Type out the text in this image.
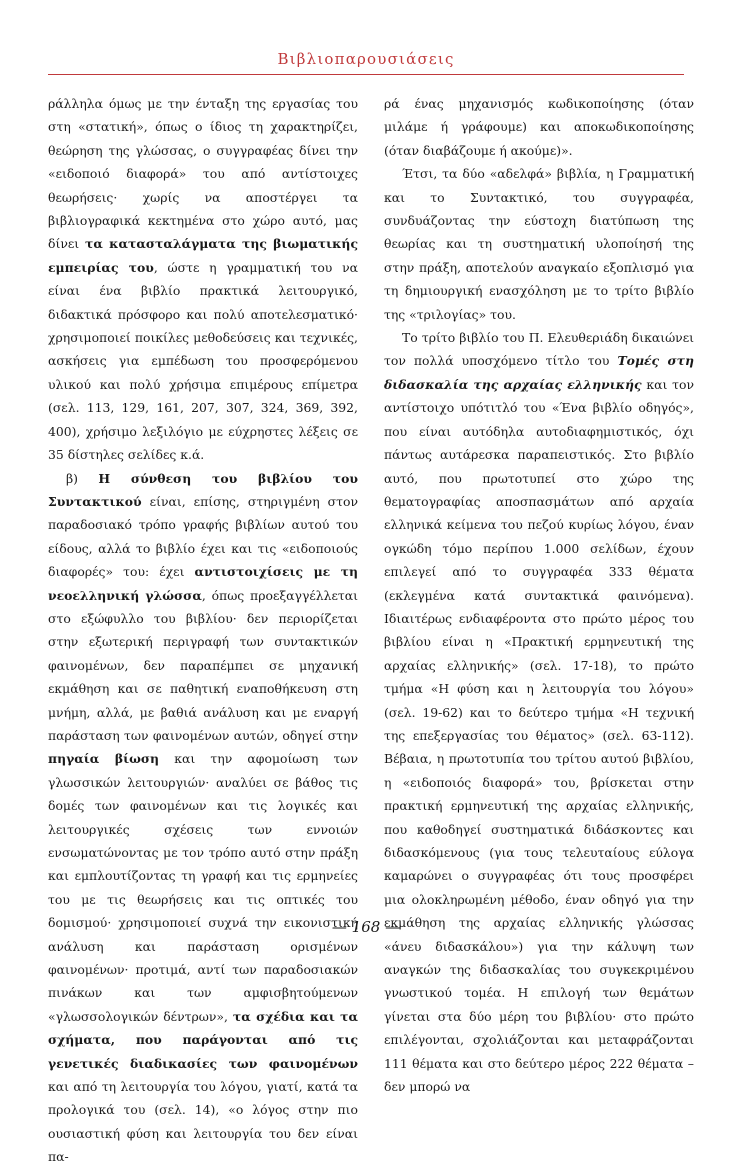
Βιβλιοπαρουσιάσεις

ράλληλα όμως με την ένταξη της εργασίας του στη «στατική», όπως ο ίδιος τη χαρακτηρίζει, θεώρηση της γλώσσας, ο συγγραφέας δίνει την «ειδοποιό διαφορά» του από αντίστοιχες θεωρήσεις· χωρίς να αποστέργει τα βιβλιογραφικά κεκτημένα στο χώρο αυτό, μας δίνει τα κατασταλάγματα της βιωματικής εμπειρίας του, ώστε η γραμματική του να είναι ένα βιβλίο πρακτικά λειτουργικό, διδακτικά πρόσφορο και πολύ αποτελεσματικό· χρησιμοποιεί ποικίλες μεθοδεύσεις και τεχνικές, ασκήσεις για εμπέδωση του προσφερόμενου υλικού και πολύ χρήσιμα επιμέρους επίμετρα (σελ. 113, 129, 161, 207, 307, 324, 369, 392, 400), χρήσιμο λεξιλόγιο με εύχρηστες λέξεις σε 35 δίστηλες σελίδες κ.ά.

β) Η σύνθεση του βιβλίου του Συντακτικού είναι, επίσης, στηριγμένη στον παραδοσιακό τρόπο γραφής βιβλίων αυτού του είδους, αλλά το βιβλίο έχει και τις «ειδοποιούς διαφορές» του: έχει αντιστοιχίσεις με τη νεοελληνική γλώσσα, όπως προεξαγγέλλεται στο εξώφυλλο του βιβλίου· δεν περιορίζεται στην εξωτερική περιγραφή των συντακτικών φαινομένων, δεν παραπέμπει σε μηχανική εκμάθηση και σε παθητική εναποθήκευση στη μνήμη, αλλά, με βαθιά ανάλυση και με εναργή παράσταση των φαινομένων αυτών, οδηγεί στην πηγαία βίωση και την αφομοίωση των γλωσσικών λειτουργιών· αναλύει σε βάθος τις δομές των φαινομένων και τις λογικές και λειτουργικές σχέσεις των εννοιών ενσωματώνοντας με τον τρόπο αυτό στην πράξη και εμπλουτίζοντας τη γραφή και τις ερμηνείες του με τις θεωρήσεις και τις οπτικές του δομισμού· χρησιμοποιεί συχνά την εικονιστική ανάλυση και παράσταση ορισμένων φαινομένων· προτιμά, αντί των παραδοσιακών πινάκων και των αμφισβητούμενων «γλωσσολογικών δέντρων», τα σχέδια και τα σχήματα, που παράγονται από τις γενετικές διαδικασίες των φαινομένων και από τη λειτουργία του λόγου, γιατί, κατά τα προλογικά του (σελ. 14), «ο λόγος στην πιο ουσιαστική φύση και λειτουργία του δεν είναι πα-

ρά ένας μηχανισμός κωδικοποίησης (όταν μιλάμε ή γράφουμε) και αποκωδικοποίησης (όταν διαβάζουμε ή ακούμε)».

Έτσι, τα δύο «αδελφά» βιβλία, η Γραμματική και το Συντακτικό, του συγγραφέα, συνδυάζοντας την εύστοχη διατύπωση της θεωρίας και τη συστηματική υλοποίησή της στην πράξη, αποτελούν αναγκαίο εξοπλισμό για τη δημιουργική ενασχόληση με το τρίτο βιβλίο της «τριλογίας» του.

Το τρίτο βιβλίο του Π. Ελευθεριάδη δικαιώνει τον πολλά υποσχόμενο τίτλο του Τομές στη διδασκαλία της αρχαίας ελληνικής και τον αντίστοιχο υπότιτλό του «Ένα βιβλίο οδηγός», που είναι αυτόδηλα αυτοδιαφημιστικός, όχι πάντως αυτάρεσκα παραπειστικός. Στο βιβλίο αυτό, που πρωτοτυπεί στο χώρο της θεματογραφίας αποσπασμάτων από αρχαία ελληνικά κείμενα του πεζού κυρίως λόγου, έναν ογκώδη τόμο περίπου 1.000 σελίδων, έχουν επιλεγεί από το συγγραφέα 333 θέματα (εκλεγμένα κατά συντακτικά φαινόμενα). Ιδιαιτέρως ενδιαφέροντα στο πρώτο μέρος του βιβλίου είναι η «Πρακτική ερμηνευτική της αρχαίας ελληνικής» (σελ. 17-18), το πρώτο τμήμα «Η φύση και η λειτουργία του λόγου» (σελ. 19-62) και το δεύτερο τμήμα «Η τεχνική της επεξεργασίας του θέματος» (σελ. 63-112). Βέβαια, η πρωτοτυπία του τρίτου αυτού βιβλίου, η «ειδοποιός διαφορά» του, βρίσκεται στην πρακτική ερμηνευτική της αρχαίας ελληνικής, που καθοδηγεί συστηματικά διδάσκοντες και διδασκόμενους (για τους τελευταίους εύλογα καμαρώνει ο συγγραφέας ότι τους προσφέρει μια ολοκληρωμένη μέθοδο, έναν οδηγό για την εκμάθηση της αρχαίας ελληνικής γλώσσας «άνευ διδασκάλου») για την κάλυψη των αναγκών της διδασκαλίας του συγκεκριμένου γνωστικού τομέα. Η επιλογή των θεμάτων γίνεται στα δύο μέρη του βιβλίου· στο πρώτο επιλέγονται, σχολιάζονται και μεταφράζονται 111 θέματα και στο δεύτερο μέρος 222 θέματα – δεν μπορώ να

— 168 —
